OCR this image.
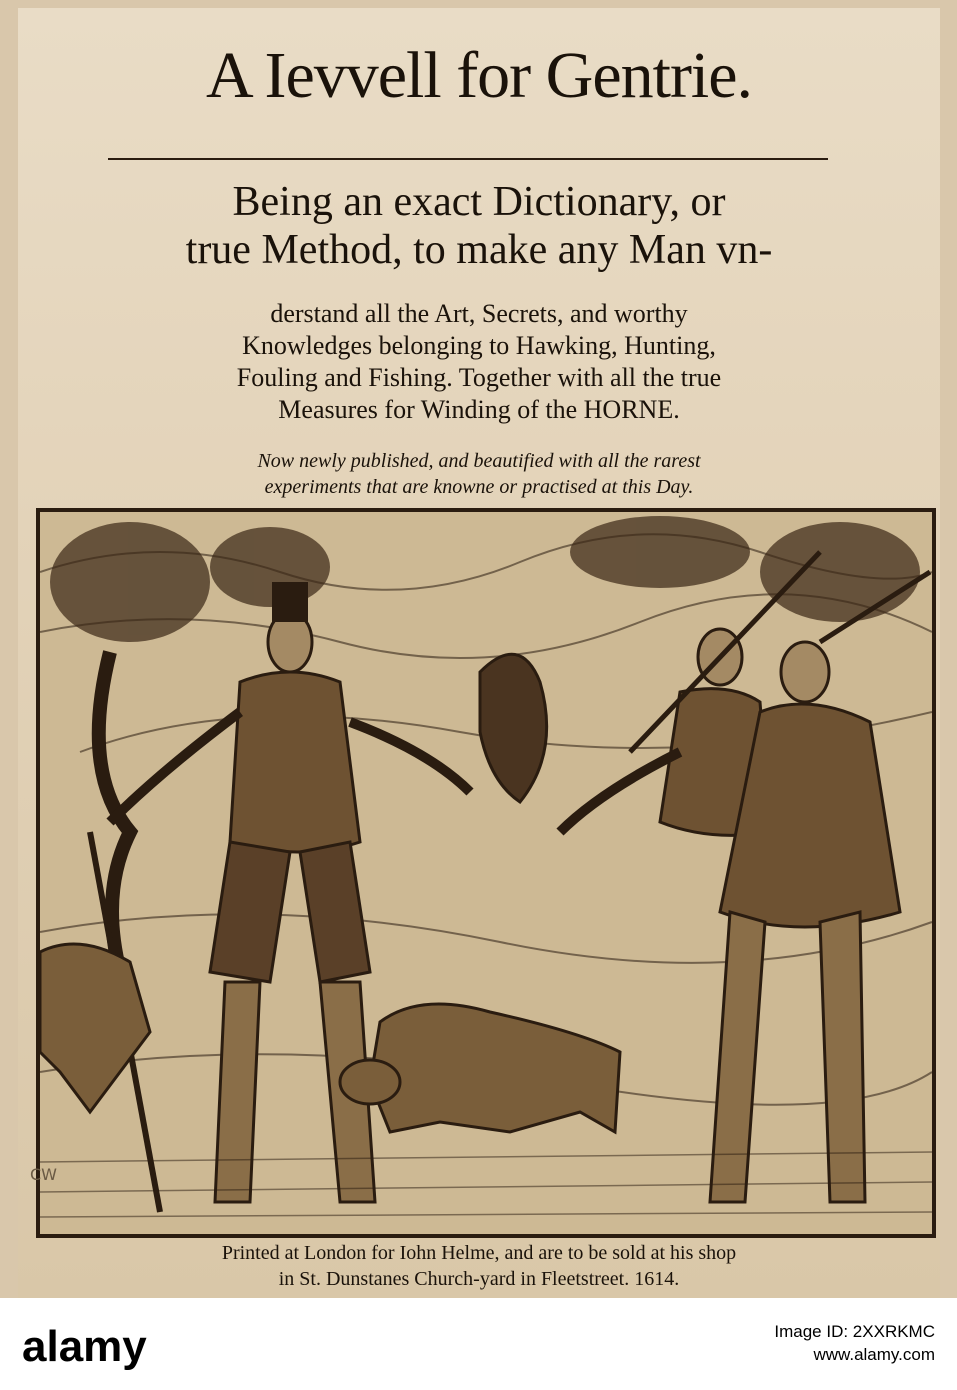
A Ievvell for Gentrie.
Being an exact Dictionary, or
true Method, to make any Man vn-
derstand all the Art, Secrets, and worthy
Knowledges belonging to Hawking, Hunting,
Fouling and Fishing. Together with all the true
Measures for Winding of the HORNE.
Now newly published, and beautified with all the rarest
experiments that are knowne or practised at this Day.
Printed at London for Iohn Helme, and are to be sold at his shop
in St. Dunstanes Church-yard in Fleetstreet. 1614.
CW
alamy	Image ID: 2XXRKMC
www.alamy.com
